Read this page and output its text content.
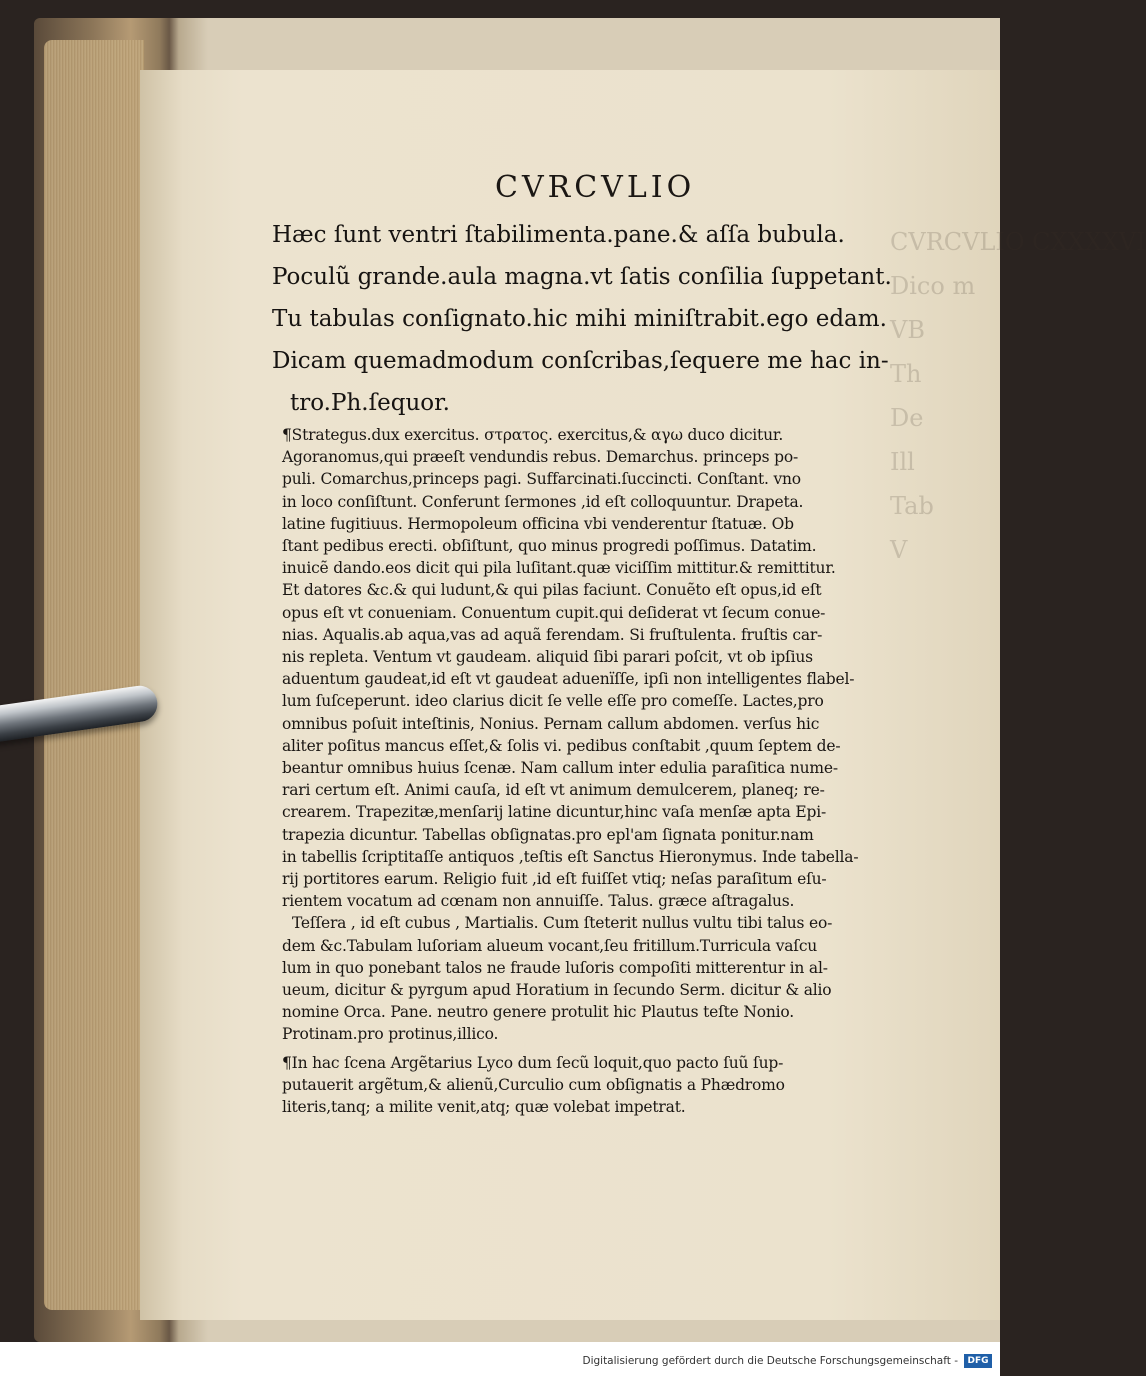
CVRCVLIO CXXXXVI
Dico m
VB
Th
De
Ill
Tab
V
CVRCVLIO
Hæc ſunt ventri ſtabilimenta.pane.& aſſa bubula.
Poculũ grande.aula magna.vt ſatis conſilia ſuppetant.
Tu tabulas conſignato.hic mihi miniſtrabit.ego edam.
Dicam quemadmodum conſcribas,ſequere me hac in-
tro.Ph.ſequor.
¶Strategus.dux exercitus. στρατος. exercitus,& αγω duco dicitur.
Agoranomus,qui præeſt vendundis rebus. Demarchus. princeps po-
puli. Comarchus,princeps pagi. Suffarcinati.ſuccincti. Conſtant. vno
in loco conſiſtunt. Conferunt ſermones ,id eſt colloquuntur. Drapeta.
latine fugitiuus. Hermopoleum officina vbi venderentur ſtatuæ. Ob
ſtant pedibus erecti. obſiſtunt, quo minus progredi poſſimus. Datatim.
inuicẽ dando.eos dicit qui pila luſitant.quæ viciſſim mittitur.& remittitur.
Et datores &c.& qui ludunt,& qui pilas faciunt. Conuẽto eſt opus,id eſt
opus eſt vt conueniam. Conuentum cupit.qui deſiderat vt ſecum conue-
nias. Aqualis.ab aqua,vas ad aquã ferendam. Si fruſtulenta. fruſtis car-
nis repleta. Ventum vt gaudeam. aliquid ſibi parari poſcit, vt ob ipſius
aduentum gaudeat,id eſt vt gaudeat aduenïſſe, ipſi non intelligentes flabel-
lum ſuſceperunt. ideo clarius dicit ſe velle eſſe pro comeſſe. Lactes,pro
omnibus poſuit inteſtinis, Nonius. Pernam callum abdomen. verſus hic
aliter poſitus mancus eſſet,& ſolis vi. pedibus conſtabit ,quum ſeptem de-
beantur omnibus huius ſcenæ. Nam callum inter edulia paraſitica nume-
rari certum eſt. Animi cauſa, id eſt vt animum demulcerem, planeq; re-
crearem. Trapezitæ,menſarij latine dicuntur,hinc vaſa menſæ apta Epi-
trapezia dicuntur. Tabellas obſignatas.pro epl'am ſignata ponitur.nam
in tabellis ſcriptitaſſe antiquos ,teſtis eſt Sanctus Hieronymus. Inde tabella-
rij portitores earum. Religio fuit ,id eſt fuiſſet vtiq; neſas paraſitum eſu-
rientem vocatum ad cœnam non annuiſſe. Talus. græce aſtragalus.
Teſſera , id eſt cubus , Martialis. Cum ſteterit nullus vultu tibi talus eo-
dem &c.Tabulam luſoriam alueum vocant,ſeu fritillum.Turricula vaſcu
lum in quo ponebant talos ne fraude luſoris compoſiti mitterentur in al-
ueum, dicitur & pyrgum apud Horatium in ſecundo Serm. dicitur & alio
nomine Orca. Pane. neutro genere protulit hic Plautus teſte Nonio.
Protinam.pro protinus,illico.
¶In hac ſcena Argẽtarius Lyco dum ſecũ loquit,quo pacto ſuũ ſup-
putauerit argẽtum,& alienũ,Curculio cum obſignatis a Phædromo
literis,tanq; a milite venit,atq; quæ volebat impetrat.
Digitalisierung gefördert durch die Deutsche Forschungsgemeinschaft -	DFG
